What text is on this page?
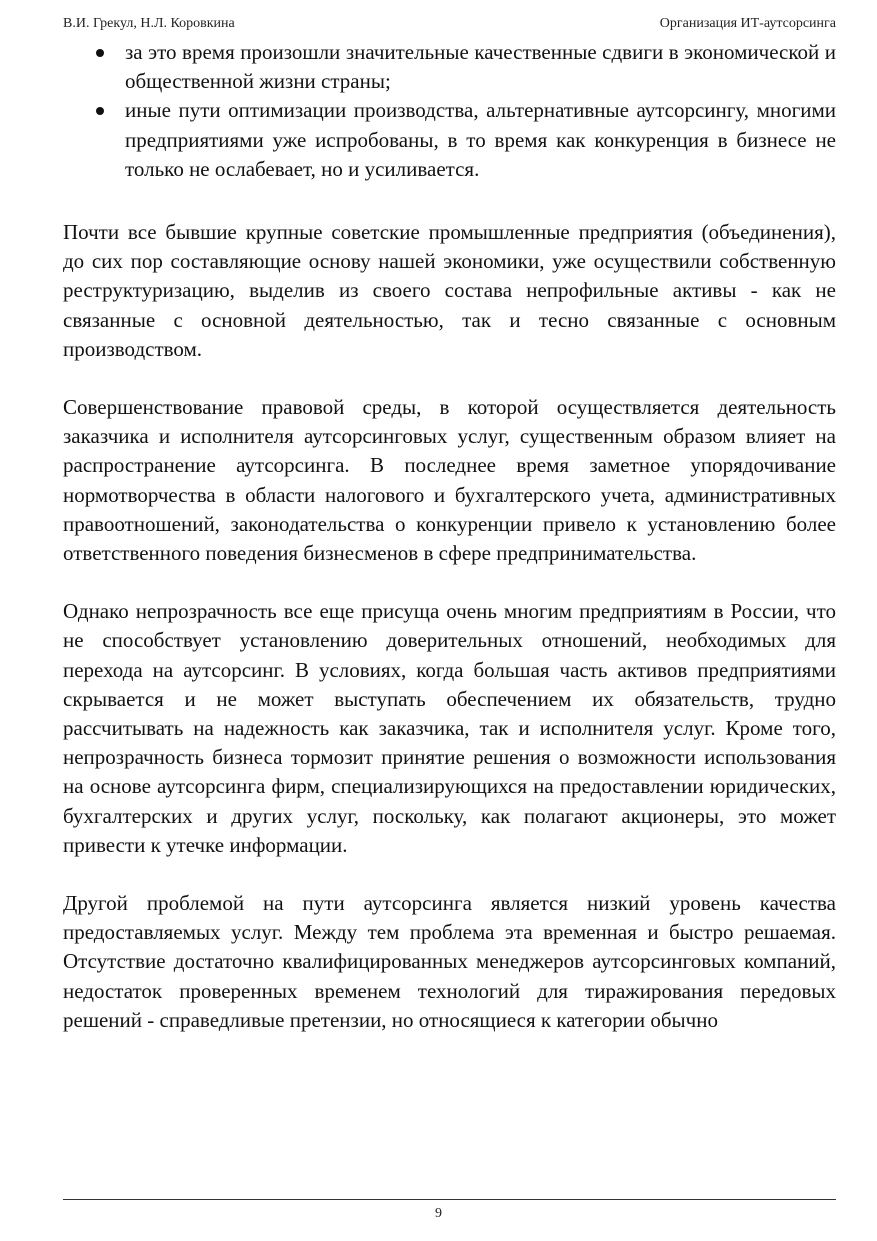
В.И. Грекул, Н.Л. Коровкина	Организация ИТ-аутсорсинга
за это время произошли значительные качественные сдвиги в экономической и общественной жизни страны;
иные пути оптимизации производства, альтернативные аутсорсингу, многими предприятиями уже испробованы, в то время как конкуренция в бизнесе не только не ослабевает, но и усиливается.

Почти все бывшие крупные советские промышленные предприятия (объединения), до сих пор составляющие основу нашей экономики, уже осуществили собственную реструктуризацию, выделив из своего состава непрофильные активы - как не связанные с основной деятельностью, так и тесно связанные с основным производством.

Совершенствование правовой среды, в которой осуществляется деятельность заказчика и исполнителя аутсорсинговых услуг, существенным образом влияет на распространение аутсорсинга. В последнее время заметное упорядочивание нормотворчества в области налогового и бухгалтерского учета, административных правоотношений, законодательства о конкуренции привело к установлению более ответственного поведения бизнесменов в сфере предпринимательства.

Однако непрозрачность все еще присуща очень многим предприятиям в России, что не способствует установлению доверительных отношений, необходимых для перехода на аутсорсинг. В условиях, когда большая часть активов предприятиями скрывается и не может выступать обеспечением их обязательств, трудно рассчитывать на надежность как заказчика, так и исполнителя услуг. Кроме того, непрозрачность бизнеса тормозит принятие решения о возможности использования на основе аутсорсинга фирм, специализирующихся на предоставлении юридических, бухгалтерских и других услуг, поскольку, как полагают акционеры, это может привести к утечке информации.

Другой проблемой на пути аутсорсинга является низкий уровень качества предоставляемых услуг. Между тем проблема эта временная и быстро решаемая. Отсутствие достаточно квалифицированных менеджеров аутсорсинговых компаний, недостаток проверенных временем технологий для тиражирования передовых решений - справедливые претензии, но относящиеся к категории обычно

9
